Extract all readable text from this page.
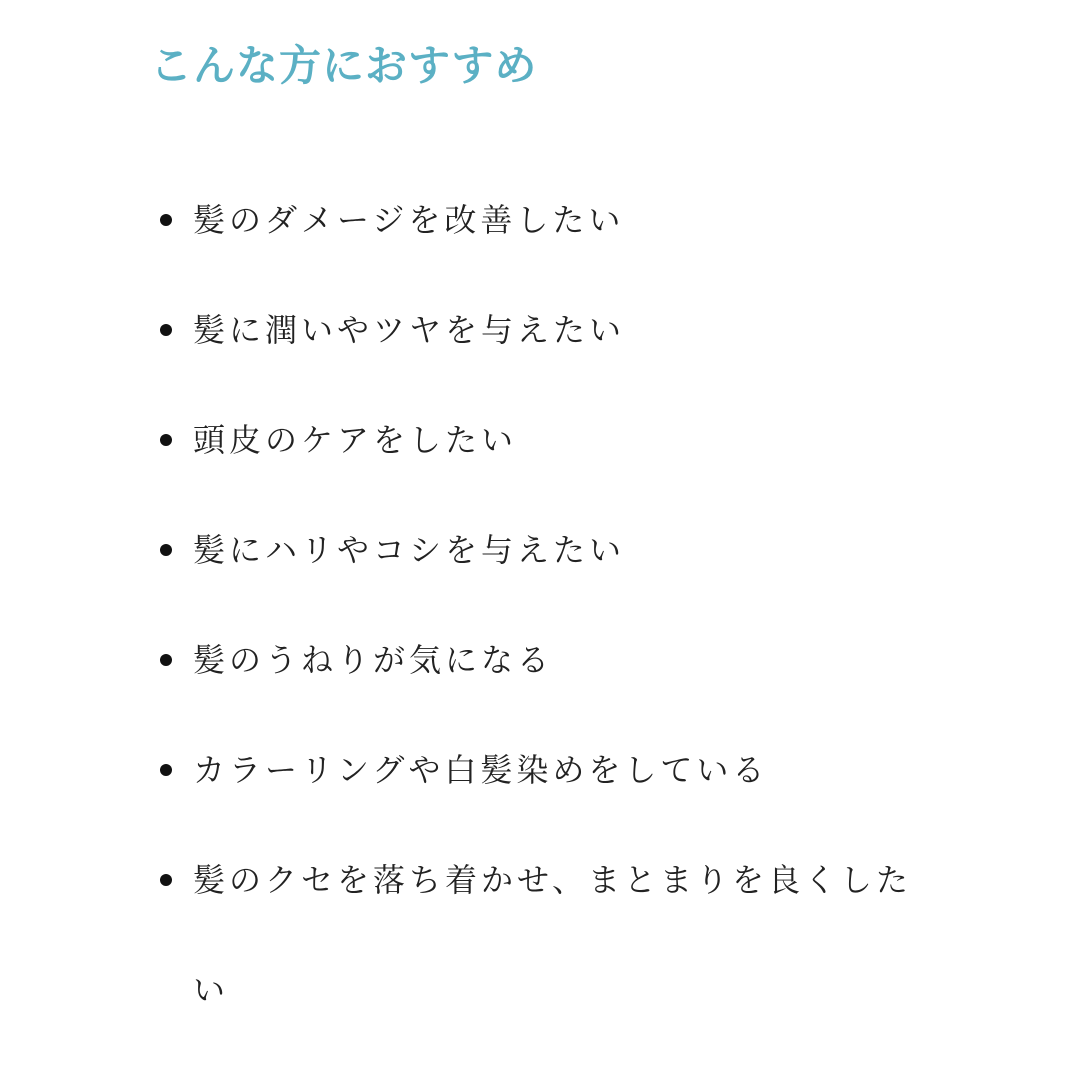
こんな方におすすめ
髪のダメージを改善したい
髪に潤いやツヤを与えたい
頭皮のケアをしたい
髪にハリやコシを与えたい
髪のうねりが気になる
カラーリングや白髪染めをしている
髪のクセを落ち着かせ、まとまりを良くしたい
